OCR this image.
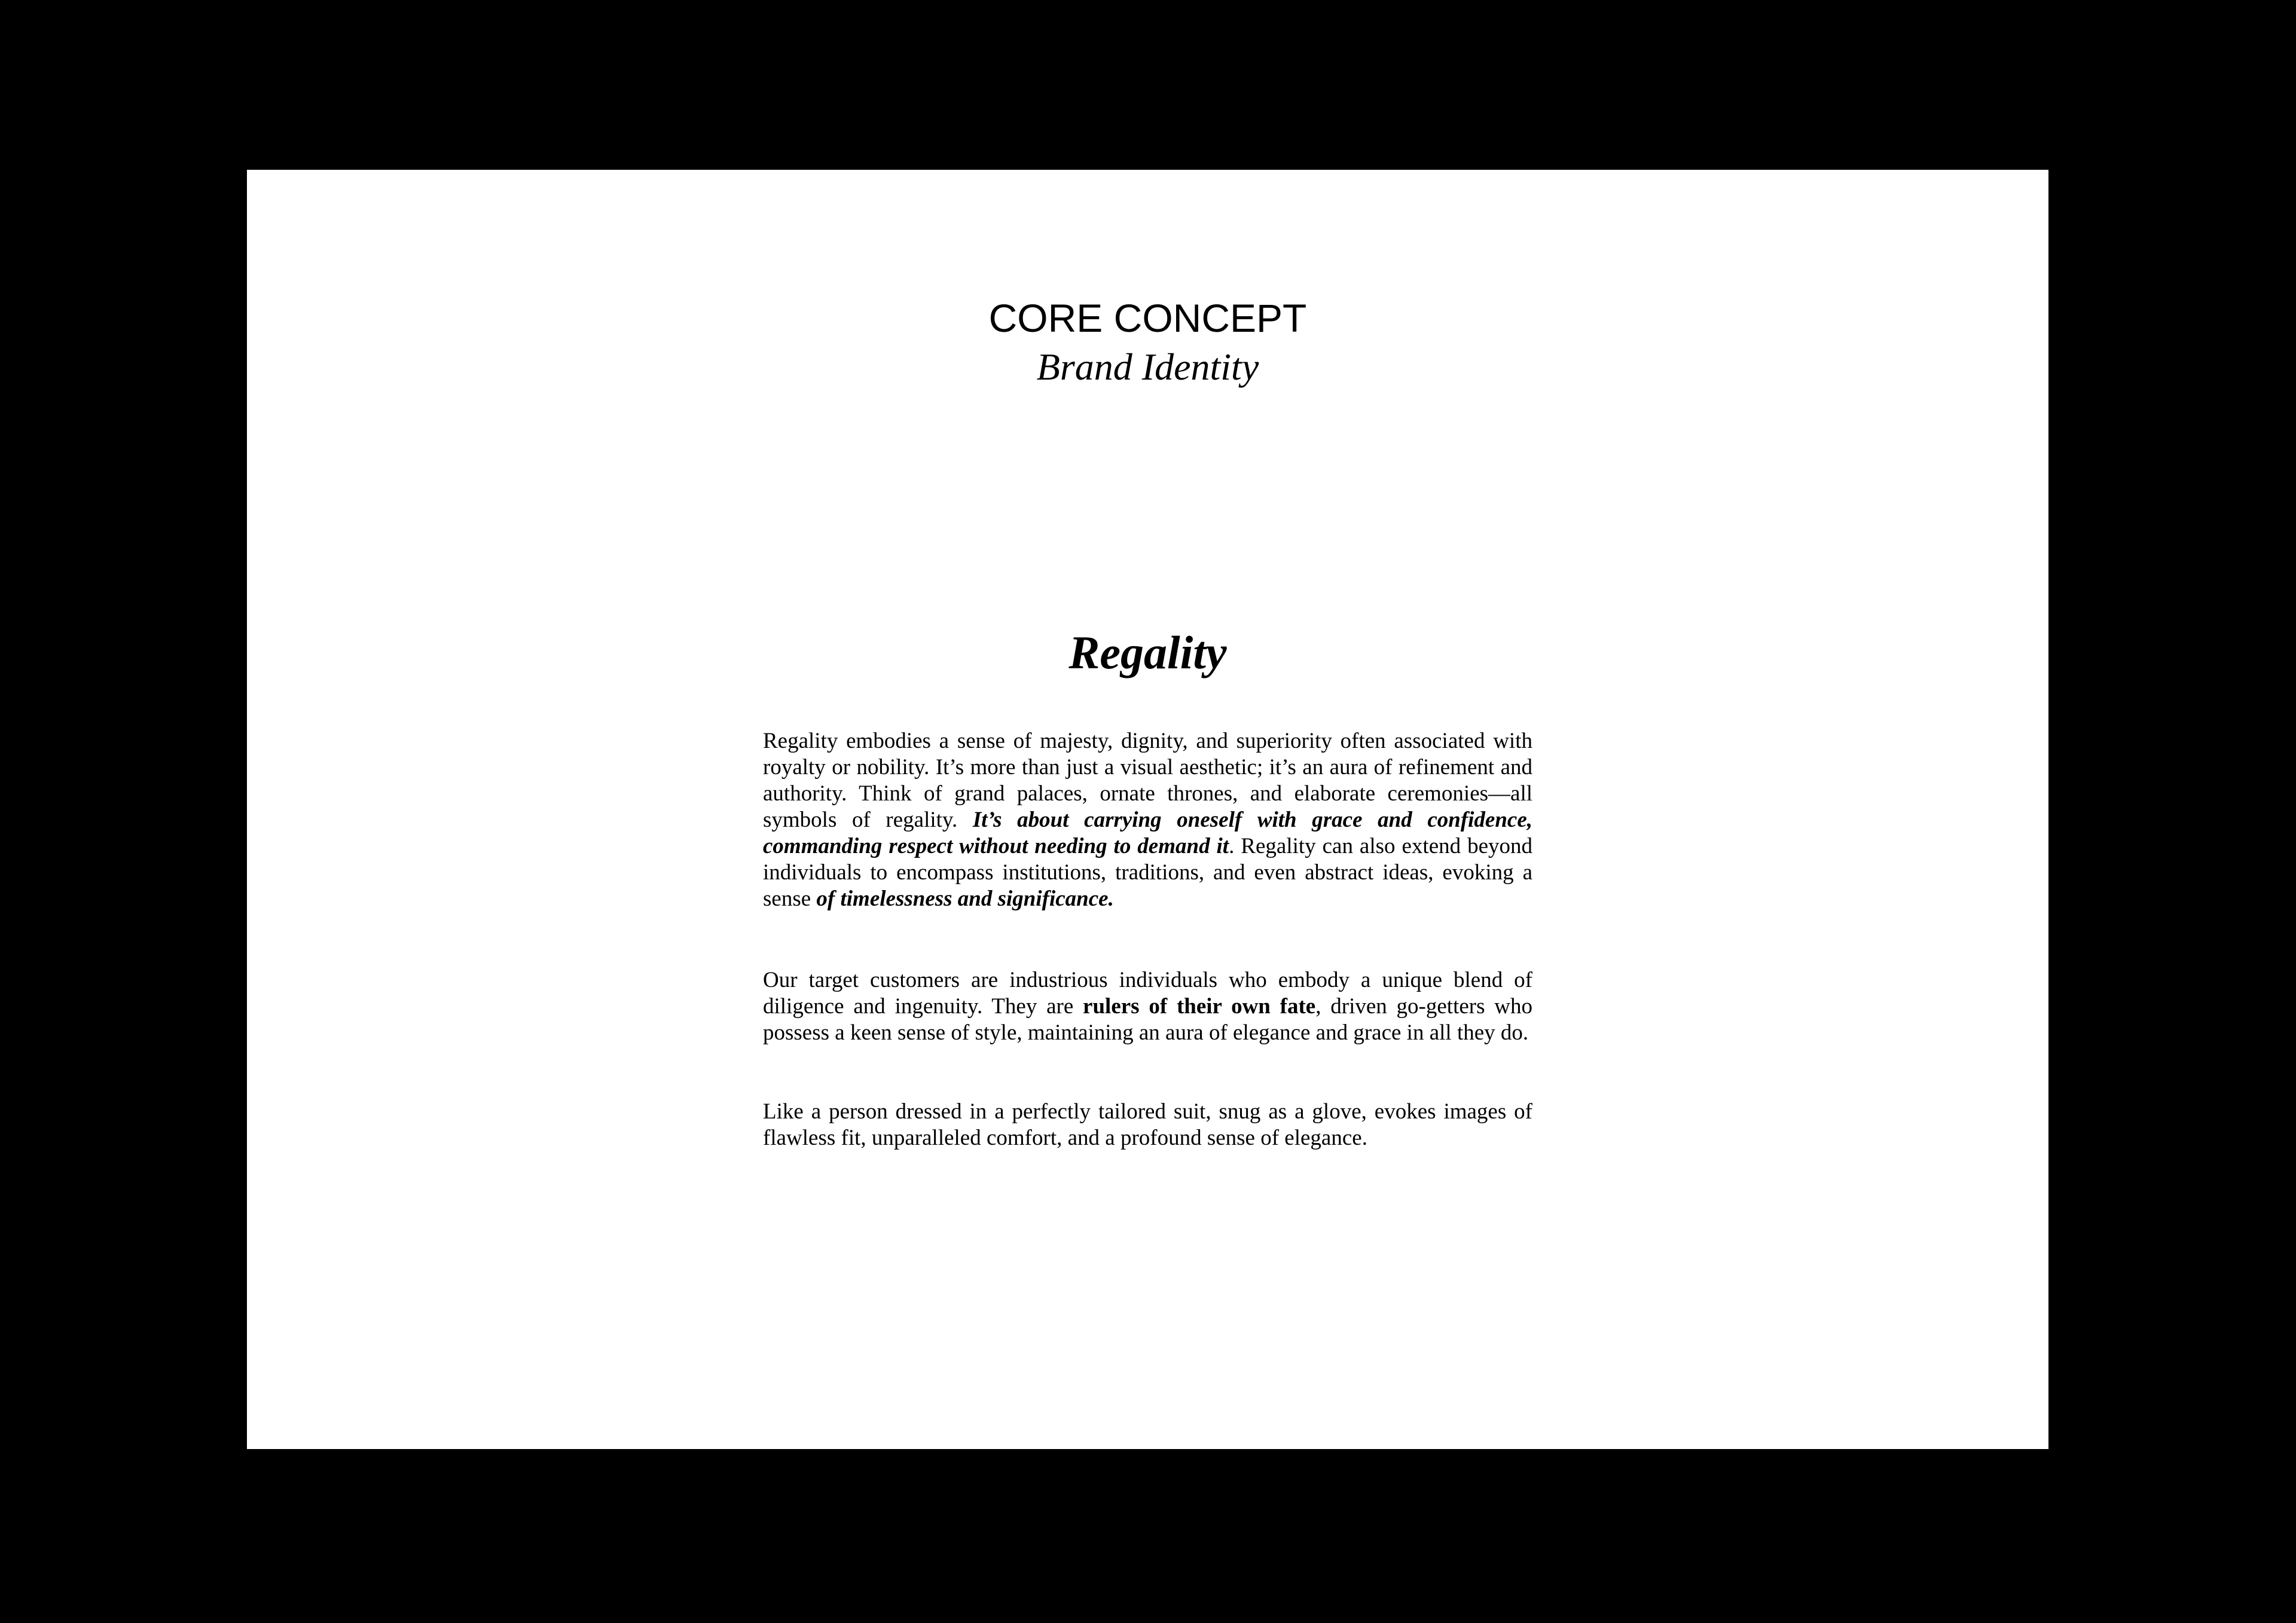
CORE CONCEPT
Brand Identity
Regality

Regality embodies a sense of majesty, dignity, and superiority often associated with royalty or nobility. It’s more than just a visual aesthetic; it’s an aura of refinement and authority. Think of grand palaces, ornate thrones, and elaborate ceremonies—all symbols of regality. It’s about carrying oneself with grace and confidence, commanding respect without needing to demand it. Regality can also extend beyond individuals to encompass institutions, traditions, and even abstract ideas, evoking a sense of timelessness and significance.

Our target customers are industrious individuals who embody a unique blend of diligence and ingenuity. They are rulers of their own fate, driven go-getters who possess a keen sense of style, maintaining an aura of elegance and grace in all they do.

Like a person dressed in a perfectly tailored suit, snug as a glove, evokes images of flawless fit, unparalleled comfort, and a profound sense of elegance.
